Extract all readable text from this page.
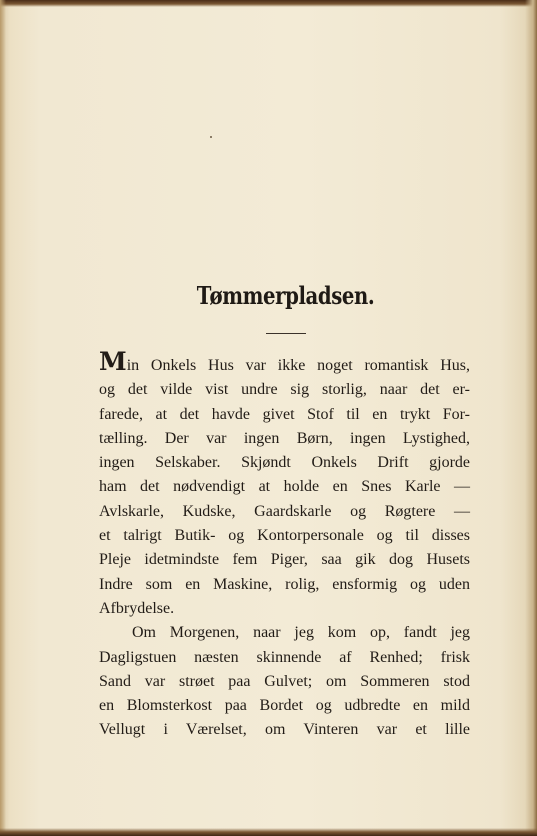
Tømmerpladsen.
Min Onkels Hus var ikke noget romantisk Hus,
og det vilde vist undre sig storlig, naar det er-
farede, at det havde givet Stof til en trykt For-
tælling. Der var ingen Børn, ingen Lystighed,
ingen Selskaber. Skjøndt Onkels Drift gjorde
ham det nødvendigt at holde en Snes Karle —
Avlskarle, Kudske, Gaardskarle og Røgtere —
et talrigt Butik- og Kontorpersonale og til disses
Pleje idetmindste fem Piger, saa gik dog Husets
Indre som en Maskine, rolig, ensformig og uden
Afbrydelse.
Om Morgenen, naar jeg kom op, fandt jeg
Dagligstuen næsten skinnende af Renhed; frisk
Sand var strøet paa Gulvet; om Sommeren stod
en Blomsterkost paa Bordet og udbredte en mild
Vellugt i Værelset, om Vinteren var et lille
